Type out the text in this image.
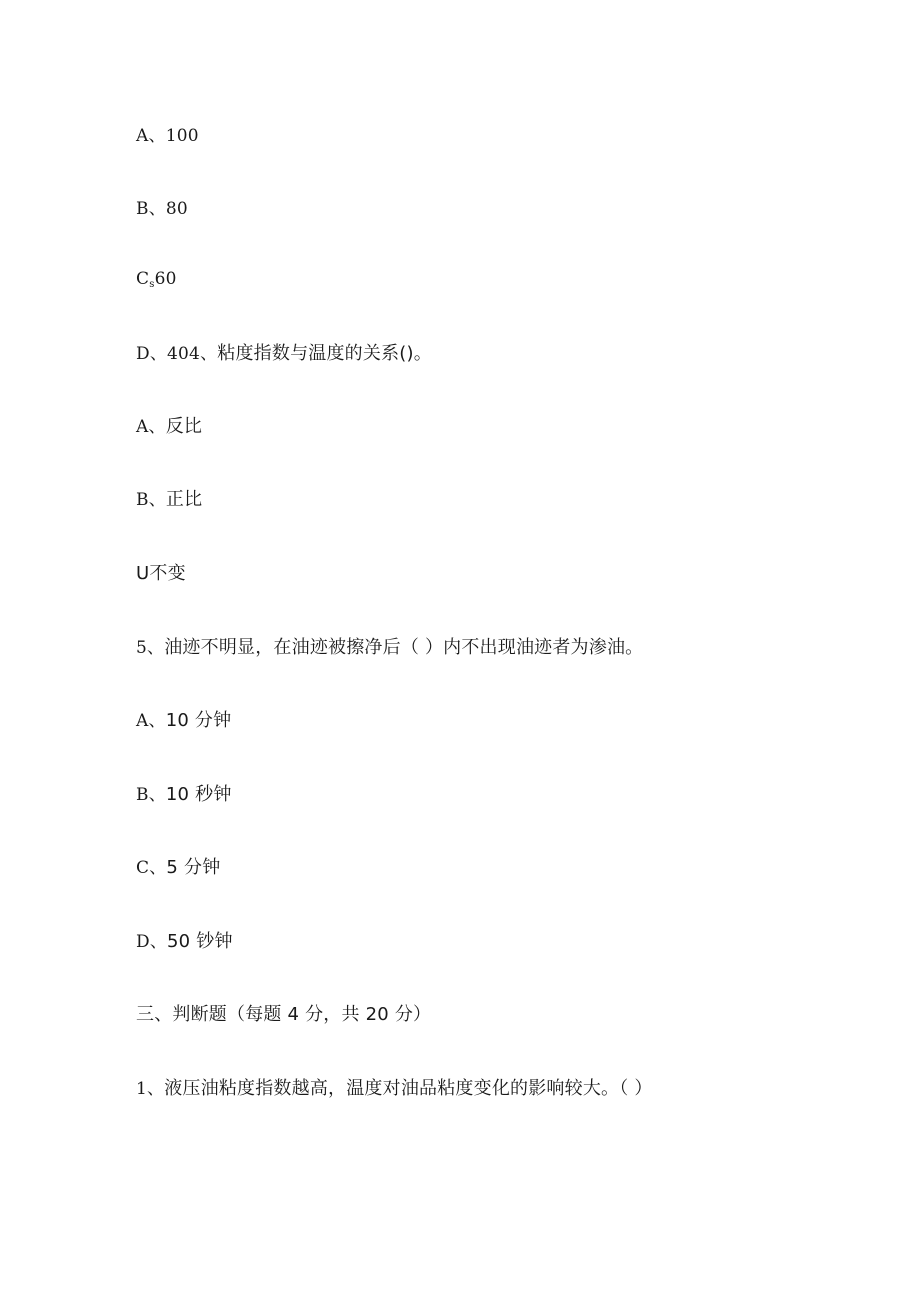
A、100
B、80
$C_s60$
D、404、粘度指数与温度的关系()。
A、反比
B、正比
U不变
5、油迹不明显，在油迹被擦净后（ ）内不出现油迹者为渗油。
A、10 分钟
B、10 秒钟
C、5 分钟
D、50 钞钟
三、判断题（每题 4 分，共 20 分）
1、液压油粘度指数越高，温度对油品粘度变化的影响较大。（ ）
